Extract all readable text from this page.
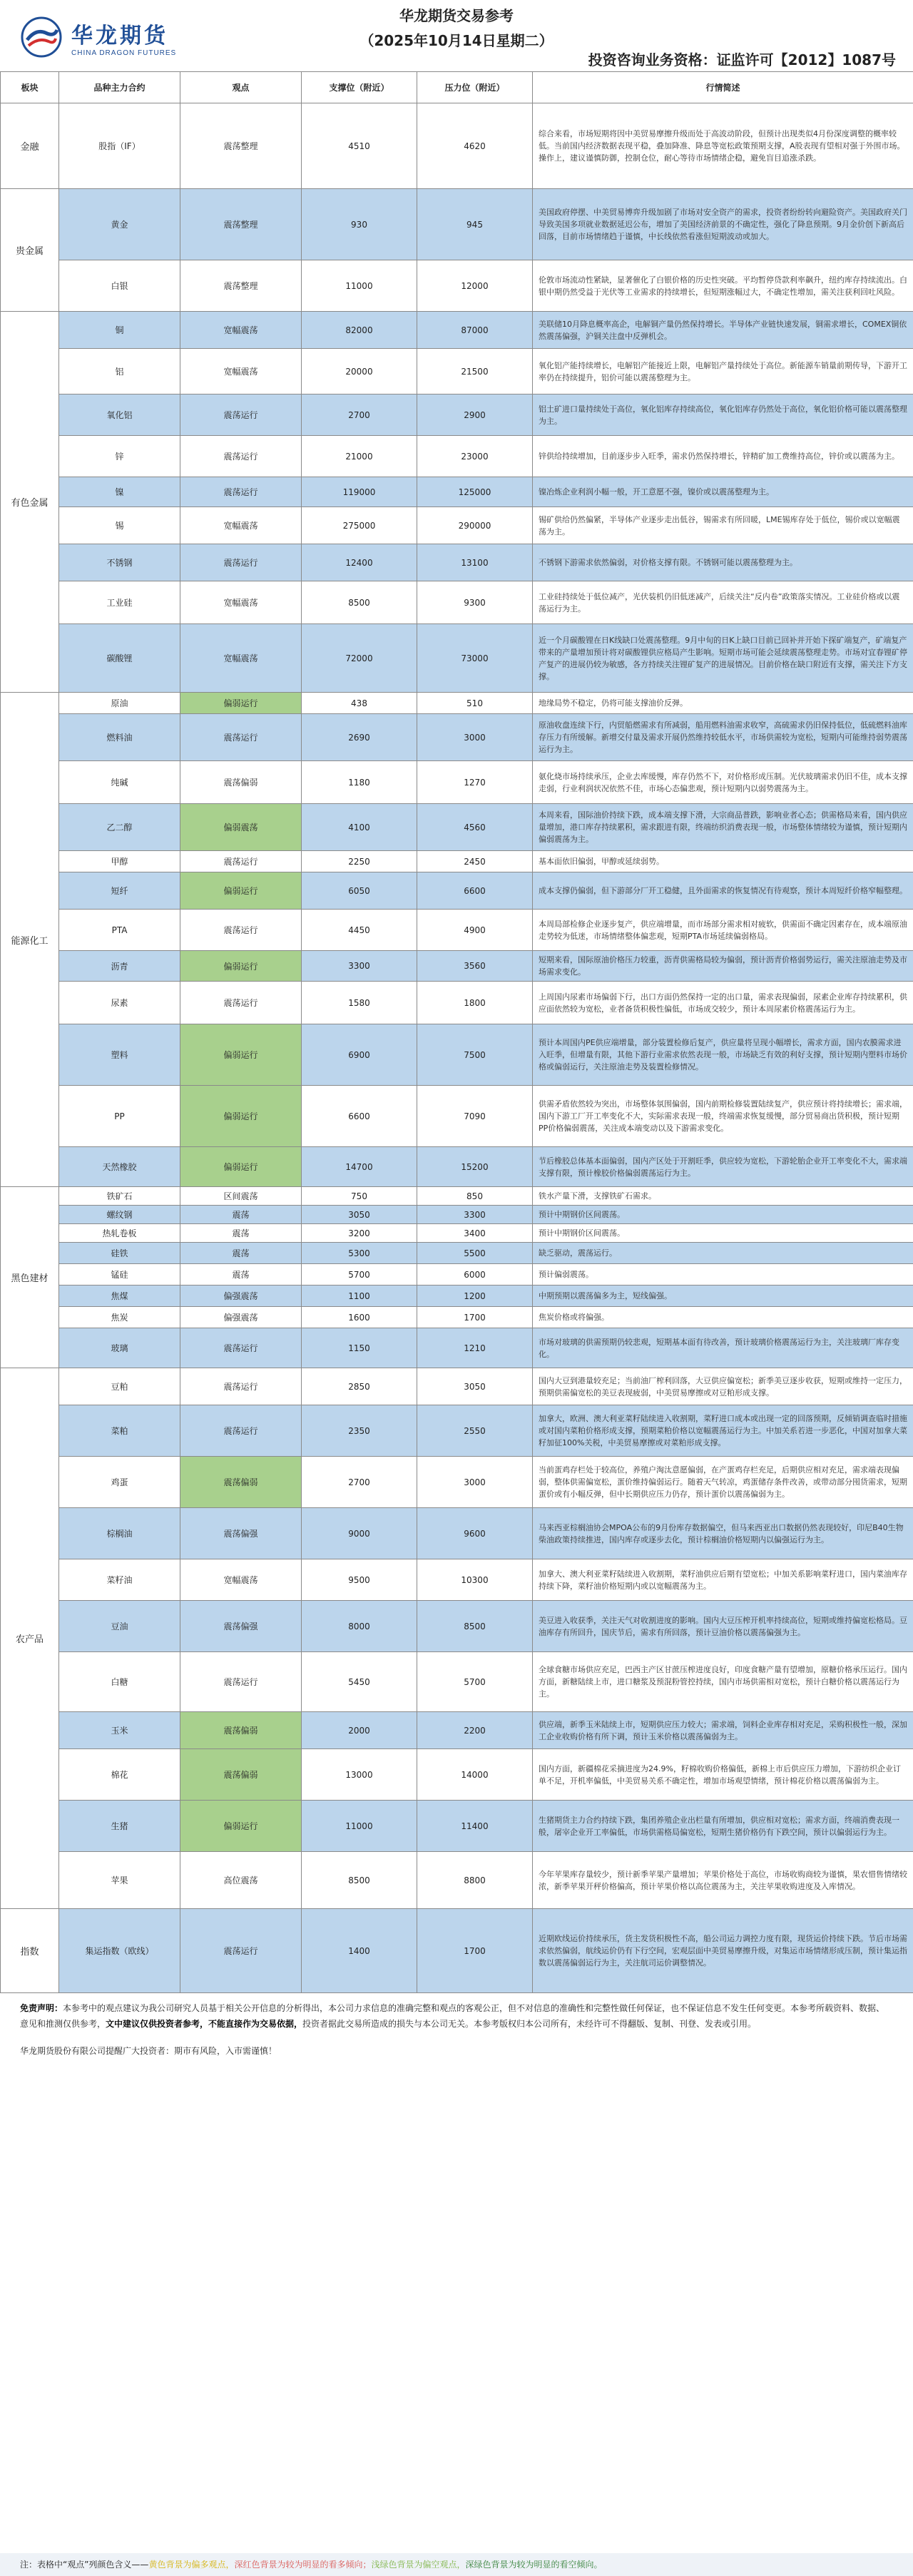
华龙期货
CHINA DRAGON FUTURES
华龙期货交易参考
（2025年10月14日星期二）
投资咨询业务资格：证监许可【2012】1087号
板块	品种主力合约	观点	支撑位（附近）	压力位（附近）	行情简述
金融	股指（IF）	震荡整理	4510	4620	综合来看，市场短期将因中美贸易摩擦升级而处于高波动阶段，但预计出现类似4月份深度调整的概率较低。当前国内经济数据表现平稳，叠加降准、降息等宽松政策预期支撑，A股表现有望相对强于外围市场。操作上，建议谨慎防御，控制仓位，耐心等待市场情绪企稳，避免盲目追涨杀跌。
贵金属	黄金	震荡整理	930	945	美国政府停摆、中美贸易博弈升级加剧了市场对安全资产的需求，投资者纷纷转向避险资产。美国政府关门导致美国多项就业数据延迟公布，增加了美国经济前景的不确定性，强化了降息预期。9月金价创下新高后回落，目前市场情绪趋于谨慎，中长线依然看涨但短期波动或加大。
	白银	震荡整理	11000	12000	伦敦市场流动性紧缺，显著催化了白银价格的历史性突破。平均暂停贷款利率飙升，纽约库存持续流出。白银中期仍然受益于光伏等工业需求的持续增长，但短期涨幅过大，不确定性增加，需关注获利回吐风险。
有色金属	铜	宽幅震荡	82000	87000	美联储10月降息概率高企，电解铜产量仍然保持增长。半导体产业链快速发展，铜需求增长，COMEX铜依然震荡偏强，沪铜关注盘中反弹机会。
	铝	宽幅震荡	20000	21500	氧化铝产能持续增长，电解铝产能接近上限，电解铝产量持续处于高位。新能源车销量前期传导，下游开工率仍在持续提升，铝价可能以震荡整理为主。
	氧化铝	震荡运行	2700	2900	铝土矿进口量持续处于高位，氧化铝库存持续高位，氧化铝库存仍然处于高位，氧化铝价格可能以震荡整理为主。
	锌	震荡运行	21000	23000	锌供给持续增加，目前逐步步入旺季，需求仍然保持增长，锌精矿加工费维持高位，锌价或以震荡为主。
	镍	震荡运行	119000	125000	镍冶炼企业利润小幅一般，开工意愿不强，镍价或以震荡整理为主。
	锡	宽幅震荡	275000	290000	锡矿供给仍然偏紧，半导体产业逐步走出低谷，锡需求有所回暖，LME锡库存处于低位，锡价或以宽幅震荡为主。
	不锈钢	震荡运行	12400	13100	不锈钢下游需求依然偏弱，对价格支撑有限。不锈钢可能以震荡整理为主。
	工业硅	宽幅震荡	8500	9300	工业硅持续处于低位减产，光伏装机仍旧低迷减产，后续关注“反内卷”政策落实情况。工业硅价格或以震荡运行为主。
	碳酸锂	宽幅震荡	72000	73000	近一个月碳酸锂在日K线缺口处震荡整理。9月中旬的日K上缺口目前已回补并开始下探矿端复产，矿端复产带来的产量增加预计将对碳酸锂供应格局产生影响。短期市场可能会延续震荡整理走势。市场对宜春锂矿停产复产的进展仍较为敏感，各方持续关注锂矿复产的进展情况。目前价格在缺口附近有支撑，需关注下方支撑。
能源化工	原油	偏弱运行	438	510	地缘局势不稳定，仍将可能支撑油价反弹。
	燃料油	震荡运行	2690	3000	原油收盘连续下行，内贸船燃需求有所减弱，船用燃料油需求收窄，高硫需求仍旧保持低位，低硫燃料油库存压力有所缓解。新增交付量及需求开展仍然维持较低水平，市场供需较为宽松，短期内可能维持弱势震荡运行为主。
	纯碱	震荡偏弱	1180	1270	氨化烧市场持续承压，企业去库缓慢，库存仍然不下，对价格形成压制。光伏玻璃需求仍旧不佳，成本支撑走弱，行业利润状况依然不佳，市场心态偏悲观，预计短期内以弱势震荡为主。
	乙二醇	偏弱震荡	4100	4560	本周来看，国际油价持续下跌，成本端支撑下滑，大宗商品普跌，影响业者心态；供需格局来看，国内供应量增加，港口库存持续累积，需求跟进有限，终端纺织消费表现一般，市场整体情绪较为谨慎，预计短期内偏弱震荡为主。
	甲醇	震荡运行	2250	2450	基本面依旧偏弱，甲醇或延续弱势。
	短纤	偏弱运行	6050	6600	成本支撑仍偏弱，但下游部分厂开工稳健，且外面需求的恢复情况有待观察，预计本周短纤价格窄幅整理。
	PTA	震荡运行	4450	4900	本周局部检修企业逐步复产，供应端增量，而市场部分需求相对疲软，供需面不确定因素存在，成本端原油走势较为低迷，市场情绪整体偏悲观，短期PTA市场延续偏弱格局。
	沥青	偏弱运行	3300	3560	短期来看，国际原油价格压力较重，沥青供需格局较为偏弱，预计沥青价格弱势运行，需关注原油走势及市场需求变化。
	尿素	震荡运行	1580	1800	上周国内尿素市场偏弱下行，出口方面仍然保持一定的出口量，需求表现偏弱，尿素企业库存持续累积，供应面依然较为宽松，业者备货积极性偏低，市场成交较少，预计本周尿素价格震荡运行为主。
	塑料	偏弱运行	6900	7500	预计本周国内PE供应端增量，部分装置检修后复产，供应量将呈现小幅增长，需求方面，国内农膜需求进入旺季，但增量有限，其他下游行业需求依然表现一般，市场缺乏有效的利好支撑，预计短期内塑料市场价格或偏弱运行，关注原油走势及装置检修情况。
	PP	偏弱运行	6600	7090	供需矛盾依然较为突出，市场整体氛围偏弱，国内前期检修装置陆续复产，供应预计将持续增长；需求端，国内下游工厂开工率变化不大，实际需求表现一般，终端需求恢复缓慢，部分贸易商出货积极，预计短期PP价格偏弱震荡，关注成本端变动以及下游需求变化。
	天然橡胶	偏弱运行	14700	15200	节后橡胶总体基本面偏弱，国内产区处于开割旺季，供应较为宽松，下游轮胎企业开工率变化不大，需求端支撑有限，预计橡胶价格偏弱震荡运行为主。
黑色建材	铁矿石	区间震荡	750	850	铁水产量下滑，支撑铁矿石需求。
	螺纹钢	震荡	3050	3300	预计中期钢价区间震荡。
	热轧卷板	震荡	3200	3400	预计中期钢价区间震荡。
	硅铁	震荡	5300	5500	缺乏驱动，震荡运行。
	锰硅	震荡	5700	6000	预计偏弱震荡。
	焦煤	偏强震荡	1100	1200	中期预期以震荡偏多为主，短线偏强。
	焦炭	偏强震荡	1600	1700	焦炭价格或将偏强。
	玻璃	震荡运行	1150	1210	市场对玻璃的供需预期仍较悲观，短期基本面有待改善，预计玻璃价格震荡运行为主，关注玻璃厂库存变化。
农产品	豆粕	震荡运行	2850	3050	国内大豆到港量较充足；当前油厂榨利回落，大豆供应偏宽松；新季美豆逐步收获，短期或维持一定压力，预期供需偏宽松的美豆表现疲弱，中美贸易摩擦或对豆粕形成支撑。
	菜粕	震荡运行	2350	2550	加拿大，欧洲、澳大利亚菜籽陆续进入收割期，菜籽进口成本或出现一定的回落预期，反倾销调查临时措施或对国内菜粕价格形成支撑，预期菜粕价格以宽幅震荡运行为主。中加关系若进一步恶化，中国对加拿大菜籽加征100%关税，中美贸易摩擦或对菜粕形成支撑。
	鸡蛋	震荡偏弱	2700	3000	当前蛋鸡存栏处于较高位，养殖户淘汰意愿偏弱，在产蛋鸡存栏充足，后期供应相对充足，需求端表现偏弱，整体供需偏宽松，蛋价维持偏弱运行。随着天气转凉，鸡蛋储存条件改善，或带动部分囤货需求，短期蛋价或有小幅反弹，但中长期供应压力仍存，预计蛋价以震荡偏弱为主。
	棕榈油	震荡偏强	9000	9600	马来西亚棕榈油协会MPOA公布的9月份库存数据偏空，但马来西亚出口数据仍然表现较好，印尼B40生物柴油政策持续推进，国内库存或逐步去化，预计棕榈油价格短期内以偏强运行为主。
	菜籽油	宽幅震荡	9500	10300	加拿大、澳大利亚菜籽陆续进入收割期，菜籽油供应后期有望宽松；中加关系影响菜籽进口，国内菜油库存持续下降，菜籽油价格短期内或以宽幅震荡为主。
	豆油	震荡偏强	8000	8500	美豆进入收获季，关注天气对收割进度的影响。国内大豆压榨开机率持续高位，短期或维持偏宽松格局。豆油库存有所回升，国庆节后，需求有所回落，预计豆油价格以震荡偏强为主。
	白糖	震荡运行	5450	5700	全球食糖市场供应充足，巴西主产区甘蔗压榨进度良好，印度食糖产量有望增加，原糖价格承压运行。国内方面，新糖陆续上市，进口糖浆及预混粉管控持续，国内市场供需相对宽松，预计白糖价格以震荡运行为主。
	玉米	震荡偏弱	2000	2200	供应端，新季玉米陆续上市，短期供应压力较大；需求端，饲料企业库存相对充足，采购积极性一般，深加工企业收购价格有所下调，预计玉米价格以震荡偏弱为主。
	棉花	震荡偏弱	13000	14000	国内方面，新疆棉花采摘进度为24.9%，籽棉收购价格偏低，新棉上市后供应压力增加，下游纺织企业订单不足，开机率偏低，中美贸易关系不确定性，增加市场观望情绪，预计棉花价格以震荡偏弱为主。
	生猪	偏弱运行	11000	11400	生猪期货主力合约持续下跌，集团养殖企业出栏量有所增加，供应相对宽松；需求方面，终端消费表现一般，屠宰企业开工率偏低，市场供需格局偏宽松，短期生猪价格仍有下跌空间，预计以偏弱运行为主。
	苹果	高位震荡	8500	8800	今年苹果库存量较少，预计新季苹果产量增加；苹果价格处于高位，市场收购商较为谨慎，果农惜售情绪较浓，新季苹果开秤价格偏高，预计苹果价格以高位震荡为主，关注苹果收购进度及入库情况。
指数	集运指数（欧线）	震荡运行	1400	1700	近期欧线运价持续承压，货主发货积极性不高，船公司运力调控力度有限，现货运价持续下跌。节后市场需求依然偏弱，航线运价仍有下行空间，宏观层面中美贸易摩擦升级，对集运市场情绪形成压制，预计集运指数以震荡偏弱运行为主，关注航司运价调整情况。
免责声明：本参考中的观点建议为我公司研究人员基于相关公开信息的分析得出，本公司力求信息的准确完整和观点的客观公正，但不对信息的准确性和完整性做任何保证，也不保证信息不发生任何变更。本参考所载资料、数据、意见和推测仅供参考，文中建议仅供投资者参考，不能直接作为交易依据，投资者据此交易所造成的损失与本公司无关。本参考版权归本公司所有，未经许可不得翻版、复制、刊登、发表或引用。
华龙期货股份有限公司提醒广大投资者：期市有风险，入市需谨慎！
注：表格中“观点”列颜色含义——黄色背景为偏多观点，深红色背景为较为明显的看多倾向；浅绿色背景为偏空观点，深绿色背景为较为明显的看空倾向。
